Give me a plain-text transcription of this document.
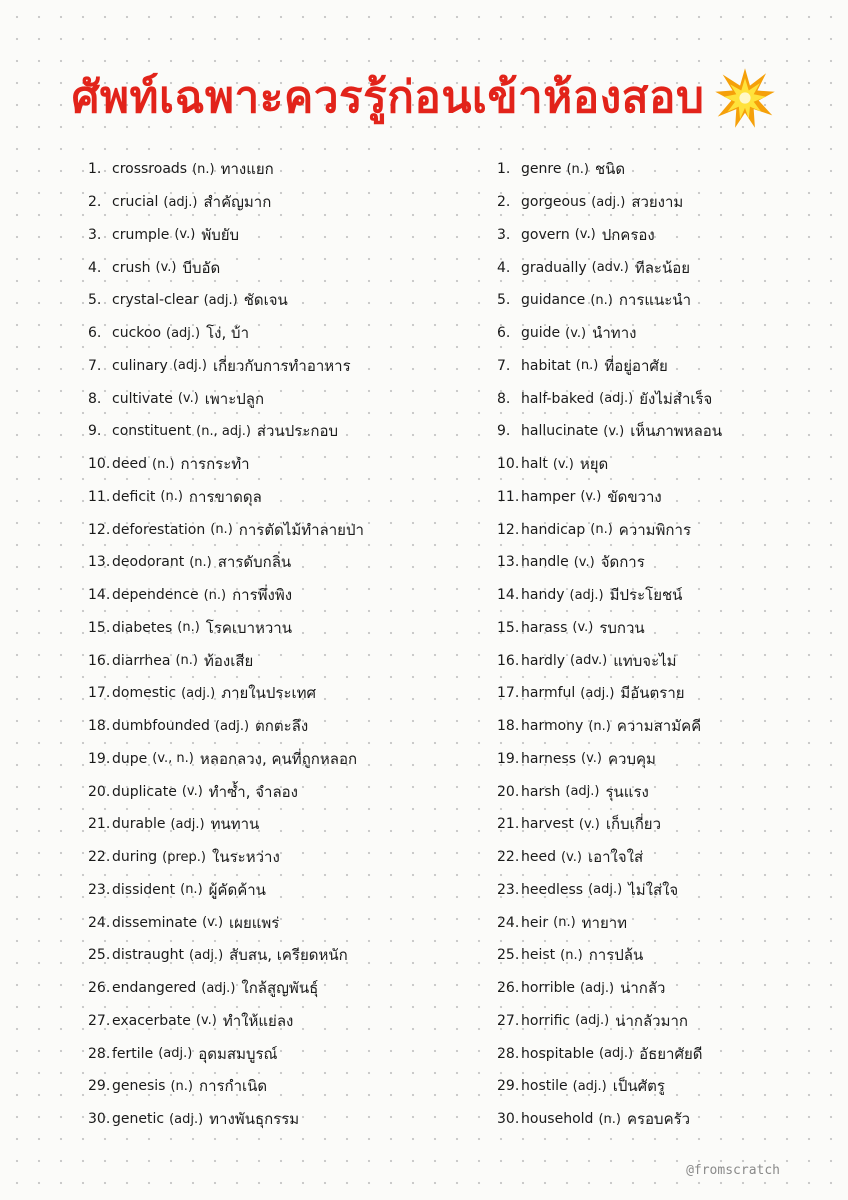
ศัพท์เฉพาะควรรู้ก่อนเข้าห้องสอบ
1. crossroads (n.) ทางแยก
2. crucial (adj.) สำคัญมาก
3. crumple (v.) พับยับ
4. crush (v.) บีบอัด
5. crystal-clear (adj.) ชัดเจน
6. cuckoo (adj.) โง่, บ้า
7. culinary (adj.) เกี่ยวกับการทำอาหาร
8. cultivate (v.) เพาะปลูก
9. constituent (n., adj.) ส่วนประกอบ
10. deed (n.) การกระทำ
11. deficit (n.) การขาดดุล
12. deforestation (n.) การตัดไม้ทำลายป่า
13. deodorant (n.) สารดับกลิ่น
14. dependence (n.) การพึ่งพิง
15. diabetes (n.) โรคเบาหวาน
16. diarrhea (n.) ท้องเสีย
17. domestic (adj.) ภายในประเทศ
18. dumbfounded (adj.) ตกตะลึง
19. dupe (v., n.) หลอกลวง, คนที่ถูกหลอก
20. duplicate (v.) ทำซ้ำ, จำลอง
21. durable (adj.) ทนทาน
22. during (prep.) ในระหว่าง
23. dissident (n.) ผู้คัดค้าน
24. disseminate (v.) เผยแพร่
25. distraught (adj.) สับสน, เครียดหนัก
26. endangered (adj.) ใกล้สูญพันธุ์
27. exacerbate (v.) ทำให้แย่ลง
28. fertile (adj.) อุดมสมบูรณ์
29. genesis (n.) การกำเนิด
30. genetic (adj.) ทางพันธุกรรม
1. genre (n.) ชนิด
2. gorgeous (adj.) สวยงาม
3. govern (v.) ปกครอง
4. gradually (adv.) ทีละน้อย
5. guidance (n.) การแนะนำ
6. guide (v.) นำทาง
7. habitat (n.) ที่อยู่อาศัย
8. half-baked (adj.) ยังไม่สำเร็จ
9. hallucinate (v.) เห็นภาพหลอน
10. halt (v.) หยุด
11. hamper (v.) ขัดขวาง
12. handicap (n.) ความพิการ
13. handle (v.) จัดการ
14. handy (adj.) มีประโยชน์
15. harass (v.) รบกวน
16. hardly (adv.) แทบจะไม่
17. harmful (adj.) มีอันตราย
18. harmony (n.) ความสามัคคี
19. harness (v.) ควบคุม
20. harsh (adj.) รุนแรง
21. harvest (v.) เก็บเกี่ยว
22. heed (v.) เอาใจใส่
23. heedless (adj.) ไม่ใส่ใจ
24. heir (n.) ทายาท
25. heist (n.) การปล้น
26. horrible (adj.) น่ากลัว
27. horrific (adj.) น่ากลัวมาก
28. hospitable (adj.) อัธยาศัยดี
29. hostile (adj.) เป็นศัตรู
30. household (n.) ครอบครัว
@fromscratch
